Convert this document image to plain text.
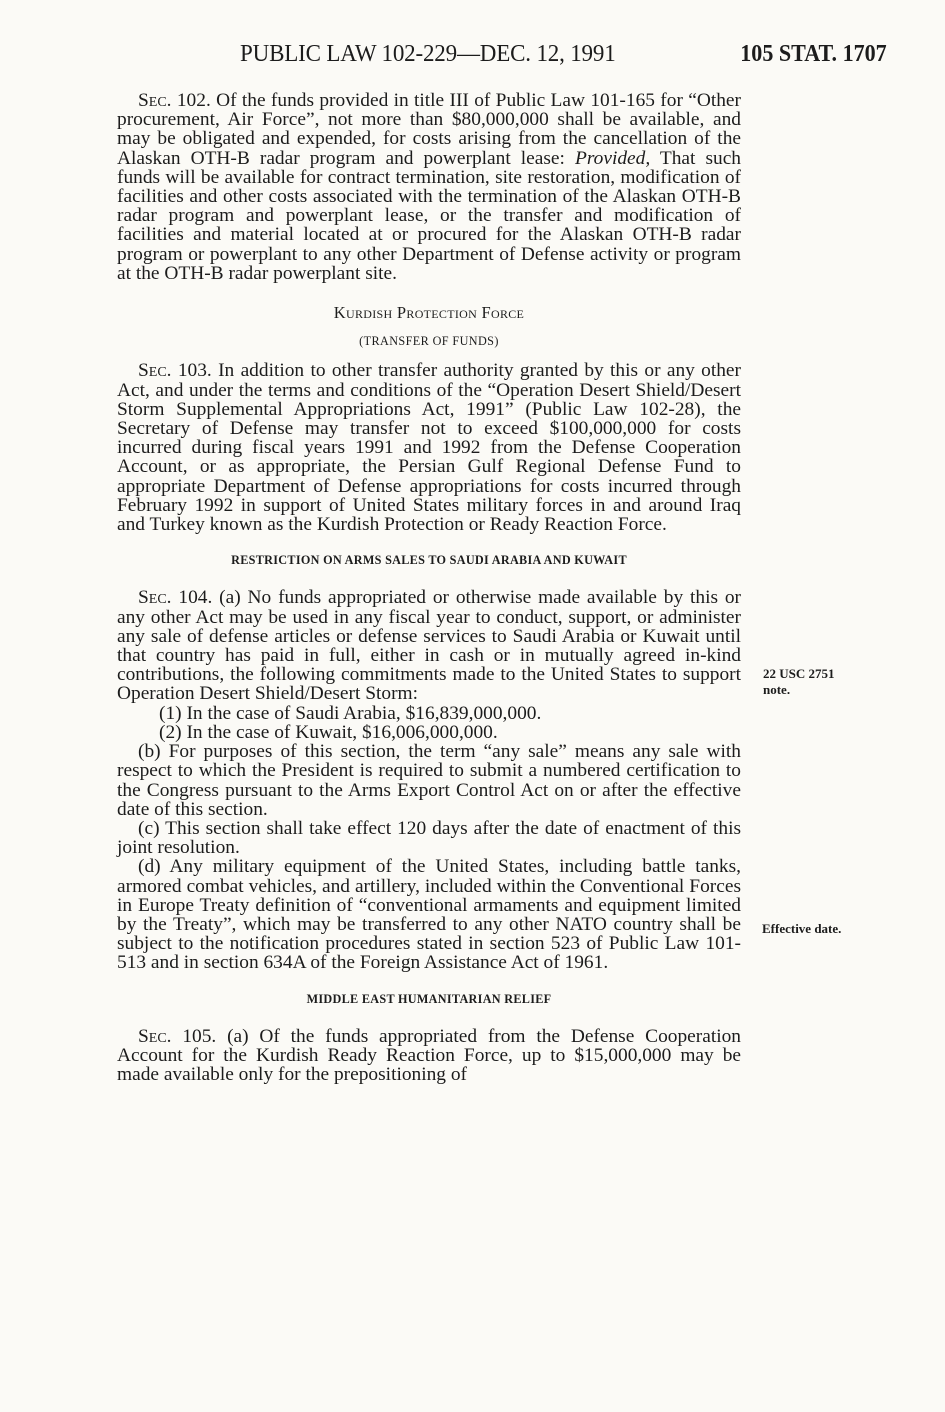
PUBLIC LAW 102-229—DEC. 12, 1991	105 STAT. 1707

Sec. 102. Of the funds provided in title III of Public Law 101-165 for “Other procurement, Air Force”, not more than $80,000,000 shall be available, and may be obligated and expended, for costs arising from the cancellation of the Alaskan OTH-B radar program and powerplant lease: Provided, That such funds will be available for contract termination, site restoration, modification of facilities and other costs associated with the termination of the Alaskan OTH-B radar program and powerplant lease, or the transfer and modification of facilities and material located at or procured for the Alaskan OTH-B radar program or powerplant to any other Department of Defense activity or program at the OTH-B radar powerplant site.

Kurdish Protection Force

(TRANSFER OF FUNDS)

Sec. 103. In addition to other transfer authority granted by this or any other Act, and under the terms and conditions of the “Operation Desert Shield/Desert Storm Supplemental Appropriations Act, 1991” (Public Law 102-28), the Secretary of Defense may transfer not to exceed $100,000,000 for costs incurred during fiscal years 1991 and 1992 from the Defense Cooperation Account, or as appropriate, the Persian Gulf Regional Defense Fund to appropriate Department of Defense appropriations for costs incurred through February 1992 in support of United States military forces in and around Iraq and Turkey known as the Kurdish Protection or Ready Reaction Force.

RESTRICTION ON ARMS SALES TO SAUDI ARABIA AND KUWAIT

Sec. 104. (a) No funds appropriated or otherwise made available by this or any other Act may be used in any fiscal year to conduct, support, or administer any sale of defense articles or defense services to Saudi Arabia or Kuwait until that country has paid in full, either in cash or in mutually agreed in-kind contributions, the following commitments made to the United States to support Operation Desert Shield/Desert Storm:

(1) In the case of Saudi Arabia, $16,839,000,000.

(2) In the case of Kuwait, $16,006,000,000.

(b) For purposes of this section, the term “any sale” means any sale with respect to which the President is required to submit a numbered certification to the Congress pursuant to the Arms Export Control Act on or after the effective date of this section.

(c) This section shall take effect 120 days after the date of enactment of this joint resolution.

(d) Any military equipment of the United States, including battle tanks, armored combat vehicles, and artillery, included within the Conventional Forces in Europe Treaty definition of “conventional armaments and equipment limited by the Treaty”, which may be transferred to any other NATO country shall be subject to the notification procedures stated in section 523 of Public Law 101-513 and in section 634A of the Foreign Assistance Act of 1961.

MIDDLE EAST HUMANITARIAN RELIEF

Sec. 105. (a) Of the funds appropriated from the Defense Cooperation Account for the Kurdish Ready Reaction Force, up to $15,000,000 may be made available only for the prepositioning of

22 USC 2751
note.
Effective date.
